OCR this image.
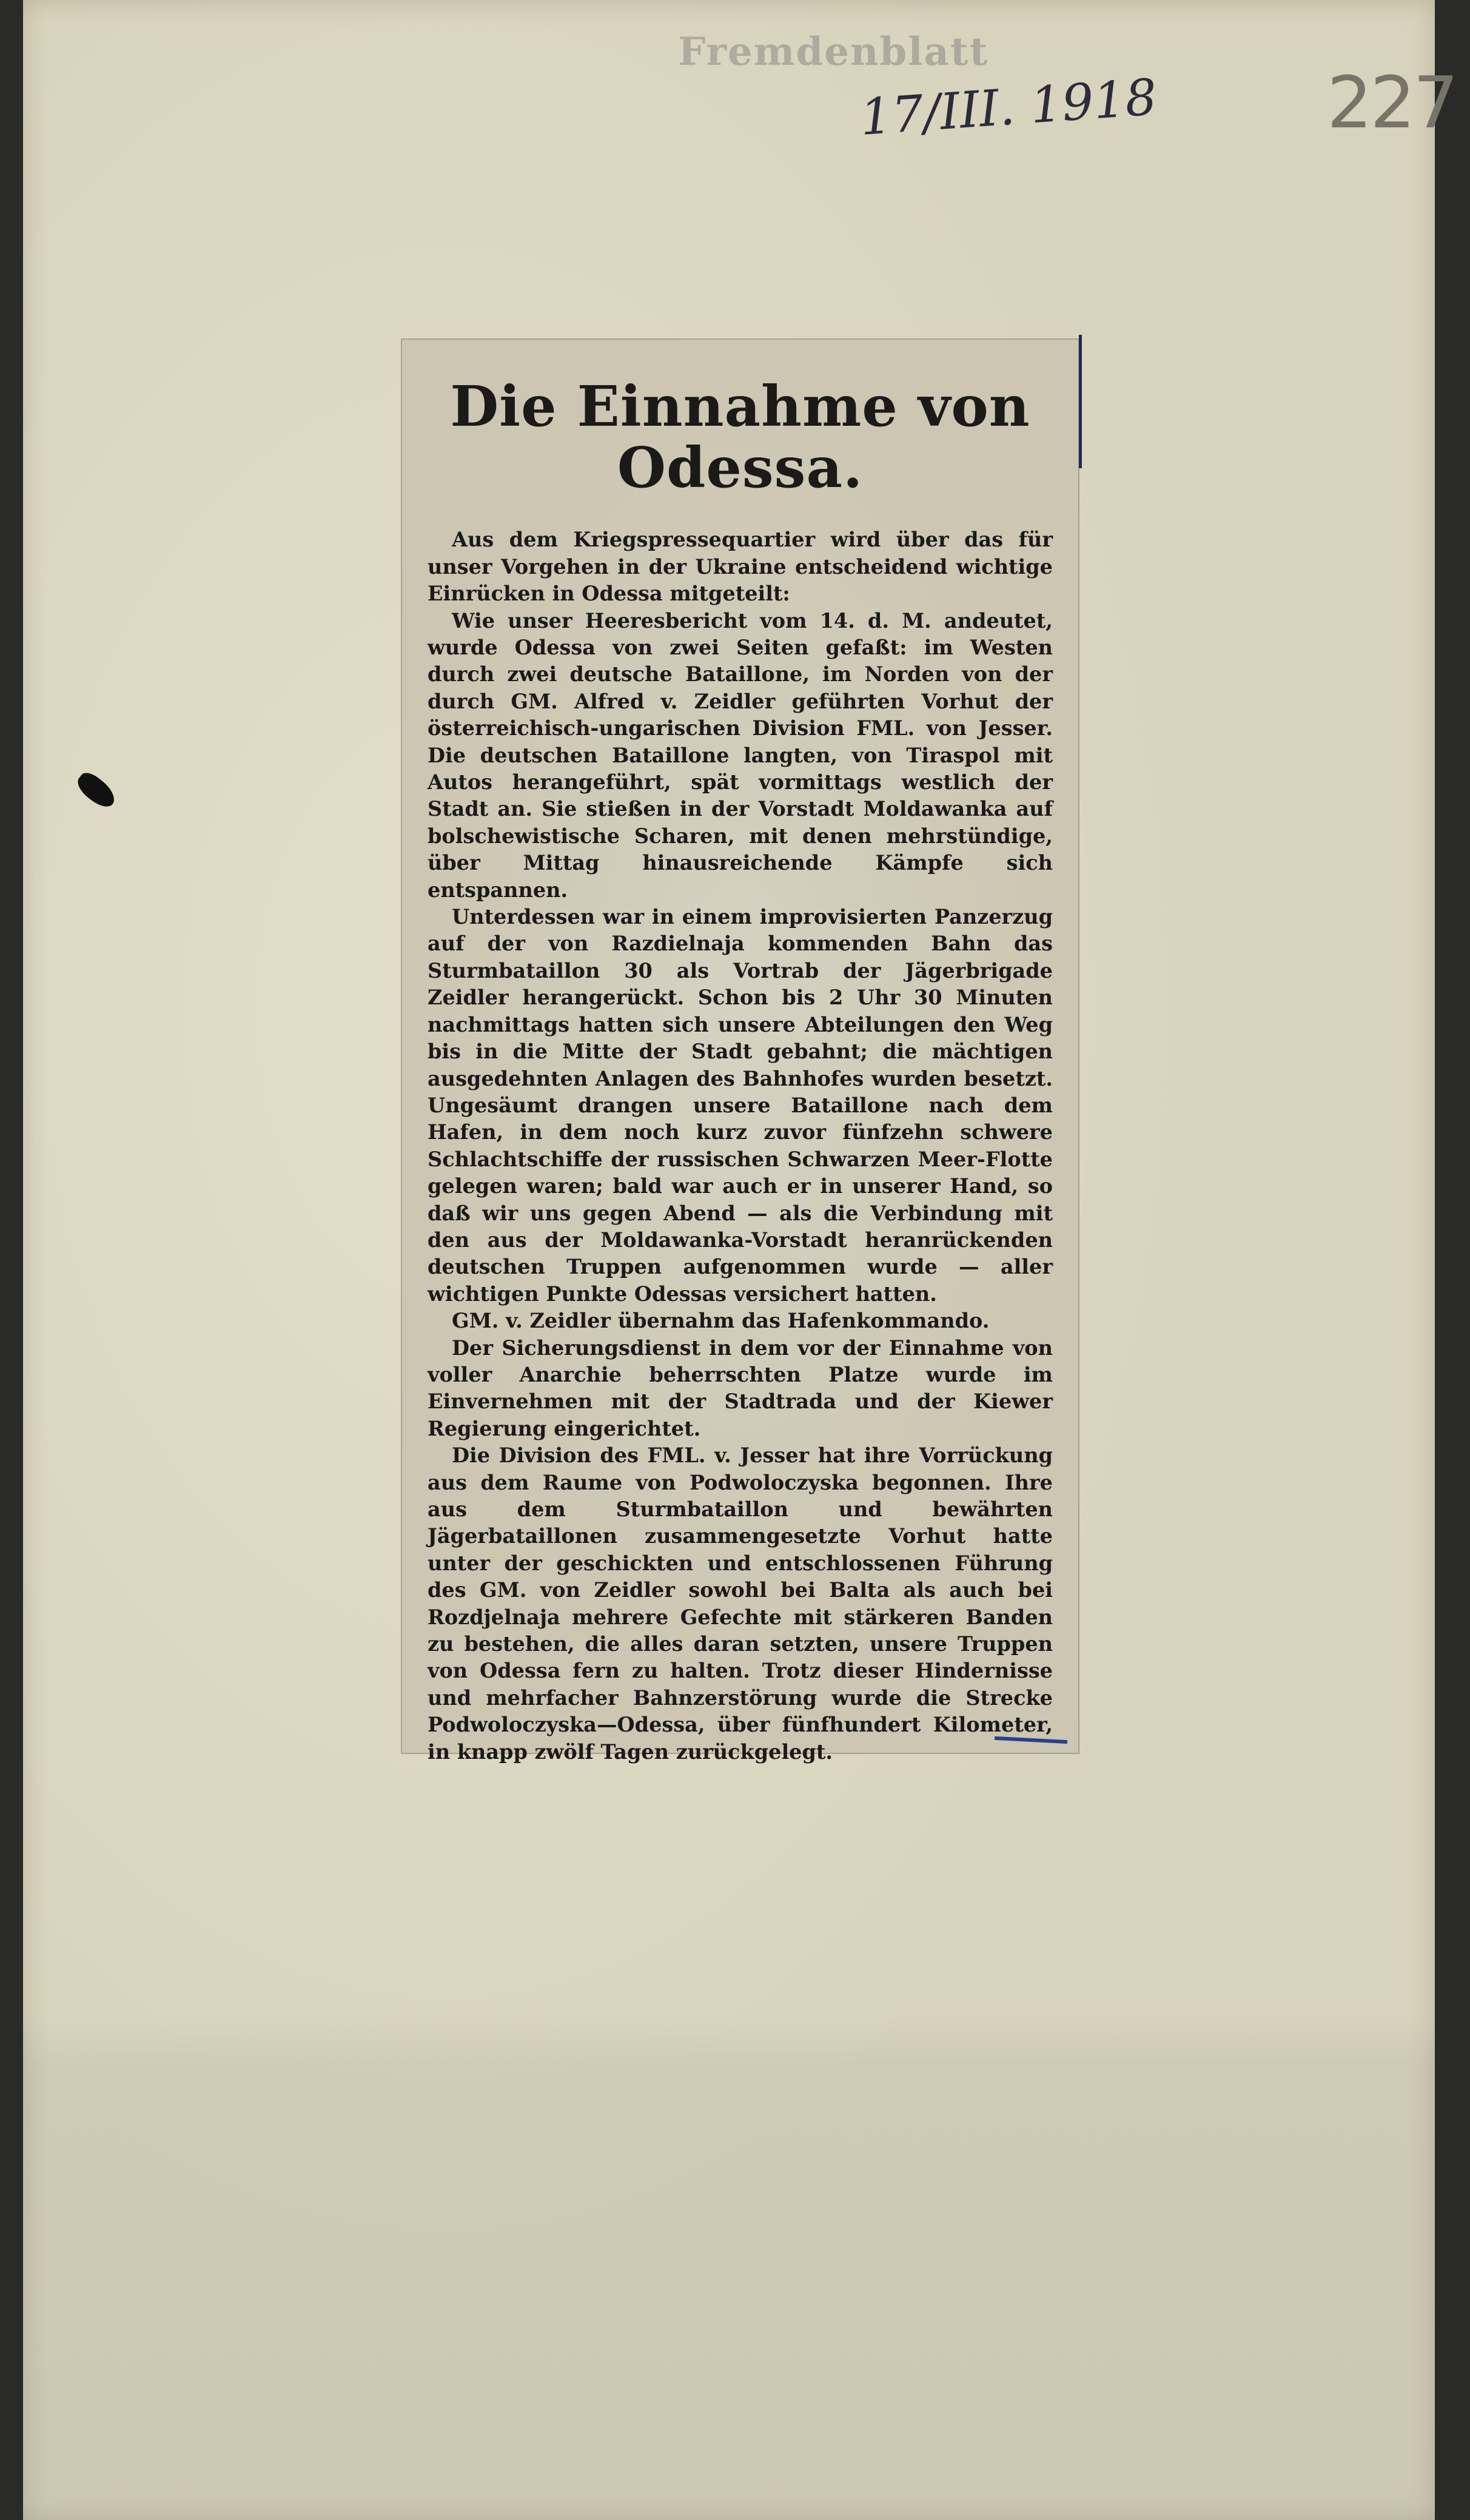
Fremdenblatt
17/III. 1918 227
Die Einnahme von Odessa.

Aus dem Kriegspressequartier wird über das für unser Vorgehen in der Ukraine entscheidend wichtige Einrücken in Odessa mitgeteilt:

Wie unser Heeresbericht vom 14. d. M. andeutet, wurde Odessa von zwei Seiten gefaßt: im Westen durch zwei deutsche Bataillone, im Norden von der durch GM. Alfred v. Zeidler geführten Vorhut der österreichisch-ungarischen Division FML. von Jesser. Die deutschen Bataillone langten, von Tiraspol mit Autos herangeführt, spät vormittags westlich der Stadt an. Sie stießen in der Vorstadt Moldawanka auf bolschewistische Scharen, mit denen mehrstündige, über Mittag hinausreichende Kämpfe sich entspannen.

Unterdessen war in einem improvisierten Panzerzug auf der von Razdielnaja kommenden Bahn das Sturmbataillon 30 als Vortrab der Jägerbrigade Zeidler herangerückt. Schon bis 2 Uhr 30 Minuten nachmittags hatten sich unsere Abteilungen den Weg bis in die Mitte der Stadt gebahnt; die mächtigen ausgedehnten Anlagen des Bahnhofes wurden besetzt. Ungesäumt drangen unsere Bataillone nach dem Hafen, in dem noch kurz zuvor fünfzehn schwere Schlachtschiffe der russischen Schwarzen Meer-Flotte gelegen waren; bald war auch er in unserer Hand, so daß wir uns gegen Abend — als die Verbindung mit den aus der Moldawanka-Vorstadt heranrückenden deutschen Truppen aufgenommen wurde — aller wichtigen Punkte Odessas versichert hatten.

GM. v. Zeidler übernahm das Hafenkommando.

Der Sicherungsdienst in dem vor der Einnahme von voller Anarchie beherrschten Platze wurde im Einvernehmen mit der Stadtrada und der Kiewer Regierung eingerichtet.

Die Division des FML. v. Jesser hat ihre Vorrückung aus dem Raume von Podwoloczyska begonnen. Ihre aus dem Sturmbataillon und bewährten Jägerbataillonen zusammengesetzte Vorhut hatte unter der geschickten und entschlossenen Führung des GM. von Zeidler sowohl bei Balta als auch bei Rozdjelnaja mehrere Gefechte mit stärkeren Banden zu bestehen, die alles daran setzten, unsere Truppen von Odessa fern zu halten. Trotz dieser Hindernisse und mehrfacher Bahnzerstörung wurde die Strecke Podwoloczyska—Odessa, über fünfhundert Kilometer, in knapp zwölf Tagen zurückgelegt.
